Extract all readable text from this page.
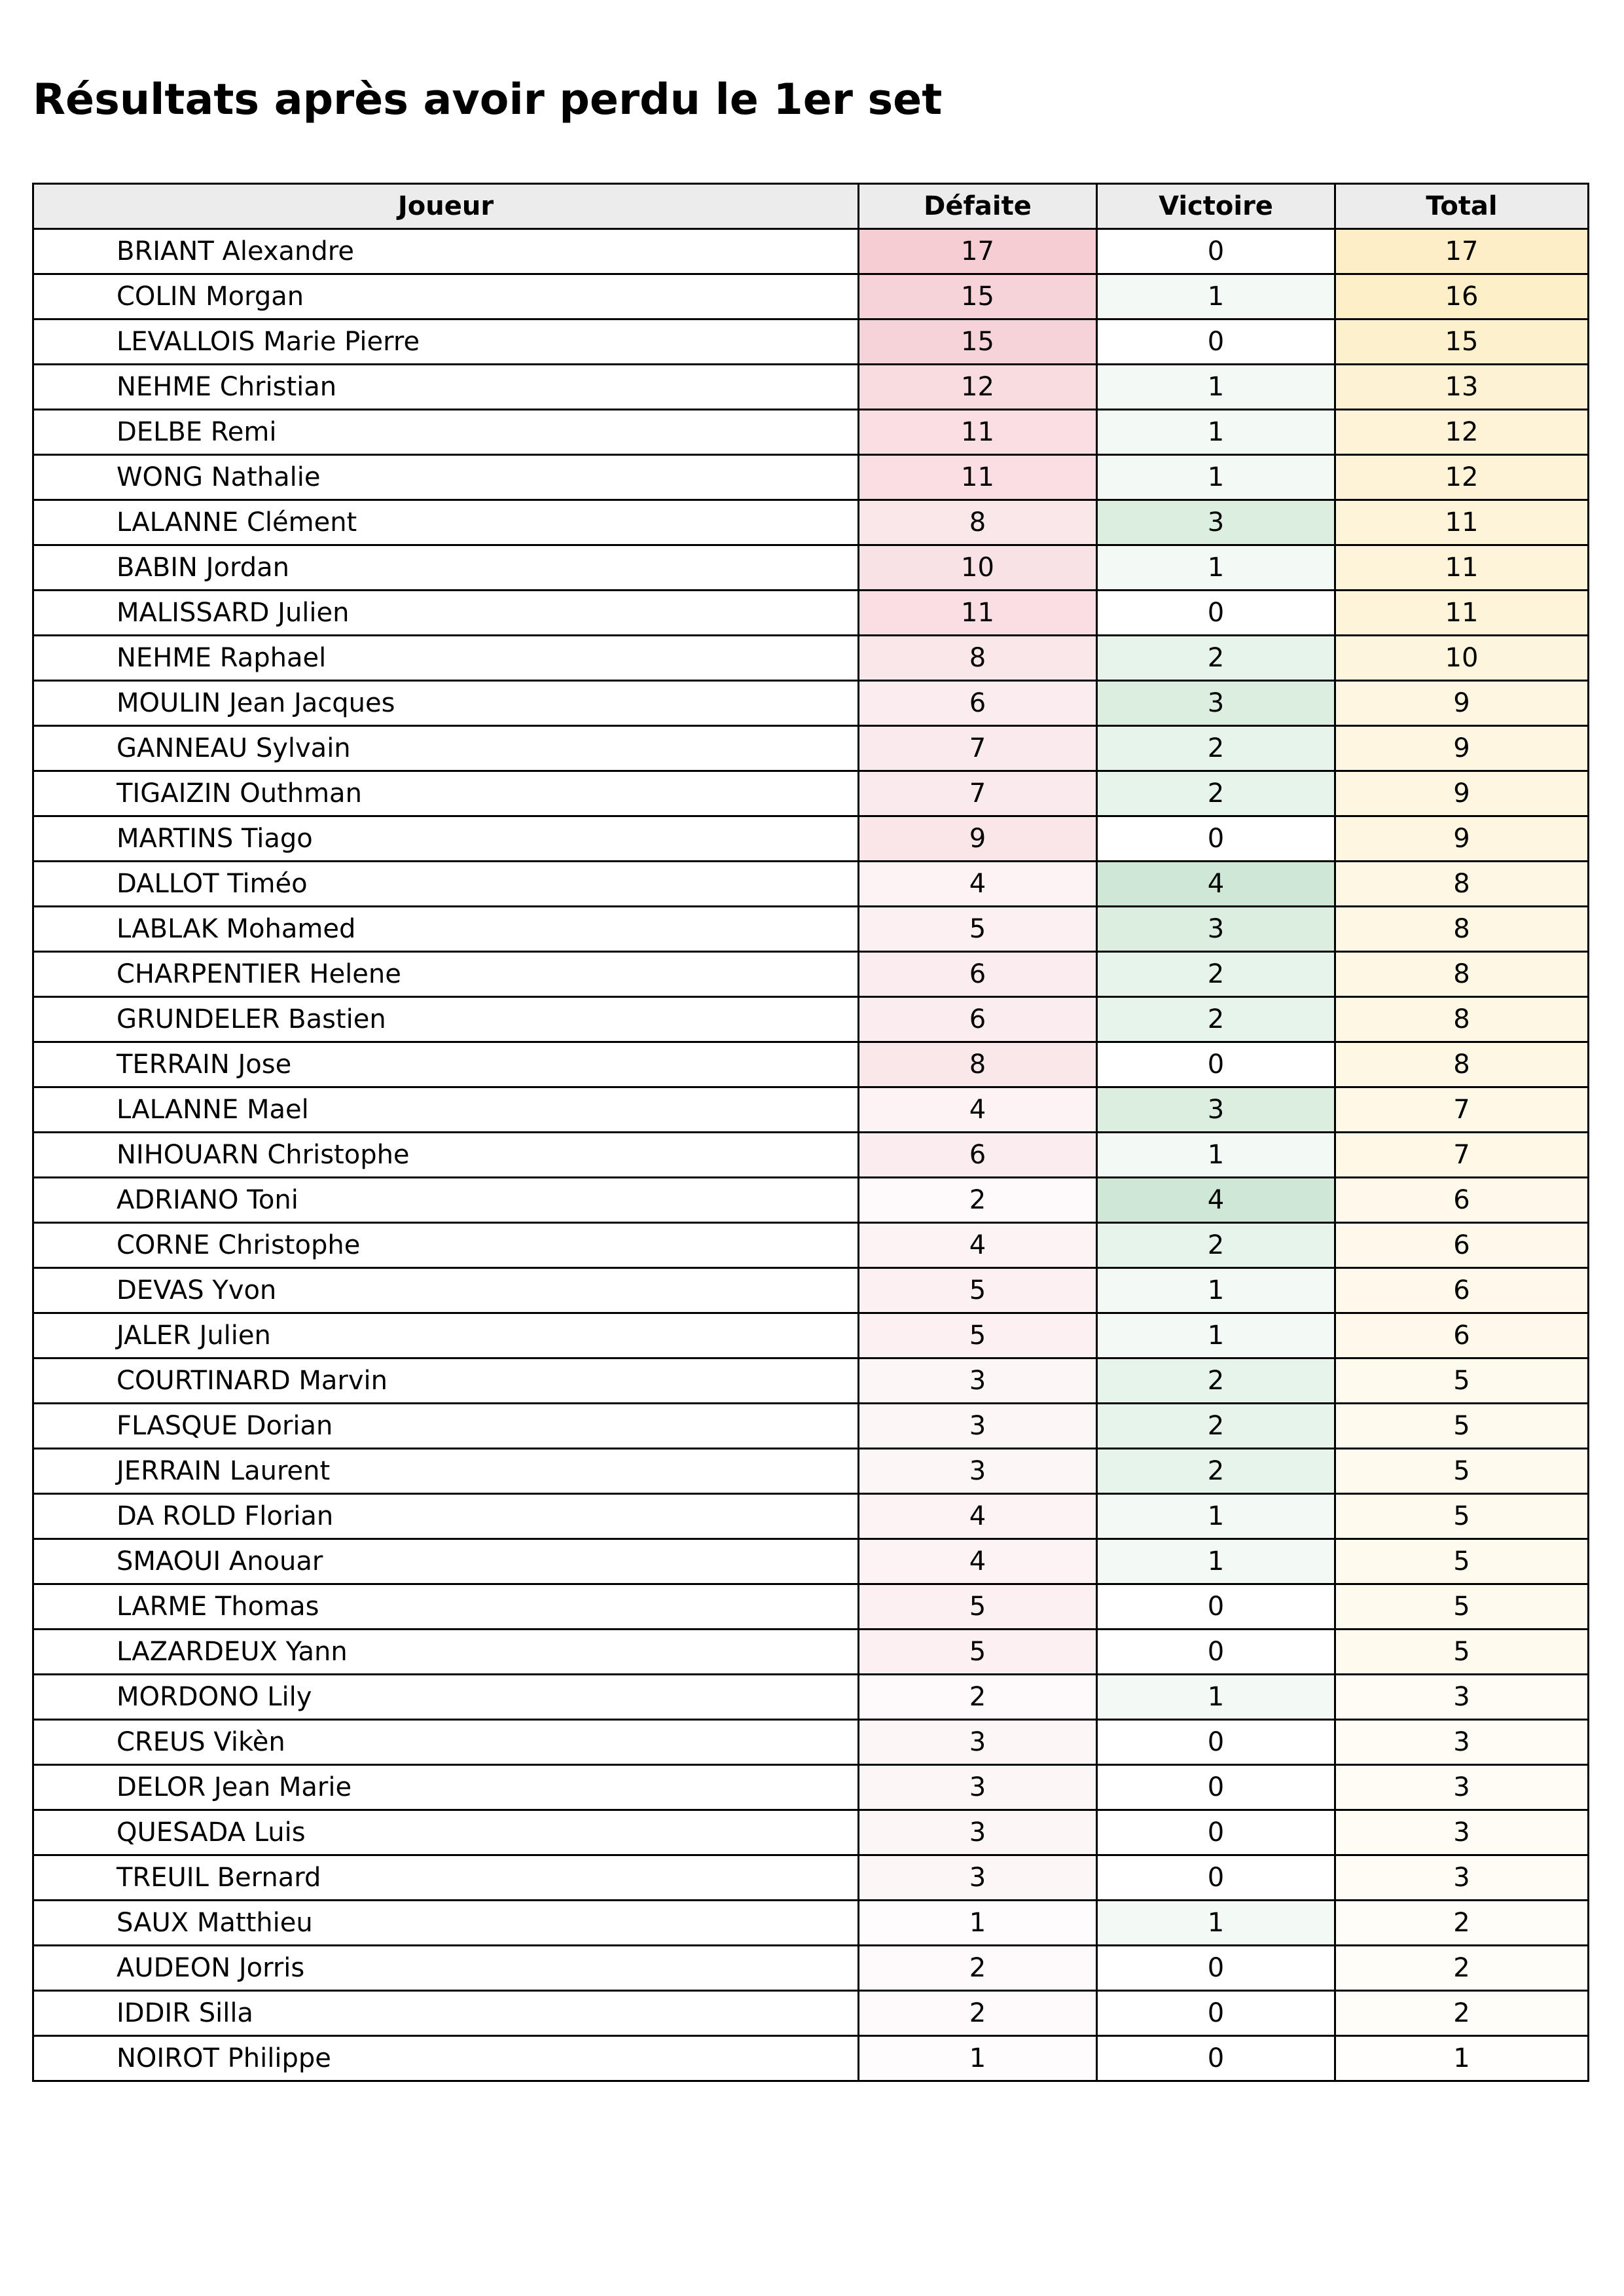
Résultats après avoir perdu le 1er set
Joueur	Défaite	Victoire	Total
BRIANT Alexandre	17	0	17
COLIN Morgan	15	1	16
LEVALLOIS Marie Pierre	15	0	15
NEHME Christian	12	1	13
DELBE Remi	11	1	12
WONG Nathalie	11	1	12
LALANNE Clément	8	3	11
BABIN Jordan	10	1	11
MALISSARD Julien	11	0	11
NEHME Raphael	8	2	10
MOULIN Jean Jacques	6	3	9
GANNEAU Sylvain	7	2	9
TIGAIZIN Outhman	7	2	9
MARTINS Tiago	9	0	9
DALLOT Timéo	4	4	8
LABLAK Mohamed	5	3	8
CHARPENTIER Helene	6	2	8
GRUNDELER Bastien	6	2	8
TERRAIN Jose	8	0	8
LALANNE Mael	4	3	7
NIHOUARN Christophe	6	1	7
ADRIANO Toni	2	4	6
CORNE Christophe	4	2	6
DEVAS Yvon	5	1	6
JALER Julien	5	1	6
COURTINARD Marvin	3	2	5
FLASQUE Dorian	3	2	5
JERRAIN Laurent	3	2	5
DA ROLD Florian	4	1	5
SMAOUI Anouar	4	1	5
LARME Thomas	5	0	5
LAZARDEUX Yann	5	0	5
MORDONO Lily	2	1	3
CREUS Vikèn	3	0	3
DELOR Jean Marie	3	0	3
QUESADA Luis	3	0	3
TREUIL Bernard	3	0	3
SAUX Matthieu	1	1	2
AUDEON Jorris	2	0	2
IDDIR Silla	2	0	2
NOIROT Philippe	1	0	1
